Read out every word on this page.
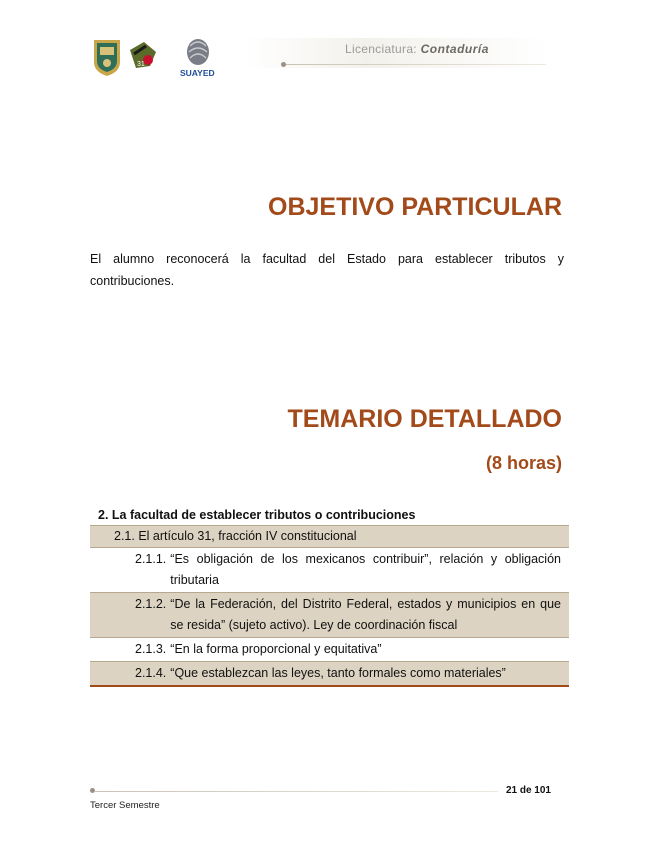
31
SUAYED
Licenciatura: Contaduría
OBJETIVO PARTICULAR
El alumno reconocerá la facultad del Estado para establecer tributos y contribuciones.
TEMARIO DETALLADO
(8 horas)
2. La facultad de establecer tributos o contribuciones
2.1. El artículo 31, fracción IV constitucional
2.1.1. “Es obligación de los mexicanos contribuir”, relación y obligación tributaria
2.1.2. “De la Federación, del Distrito Federal, estados y municipios en que se resida” (sujeto activo). Ley de coordinación fiscal
2.1.3. “En la forma proporcional y equitativa”
2.1.4. “Que establezcan las leyes, tanto formales como materiales”
21 de 101
Tercer Semestre
